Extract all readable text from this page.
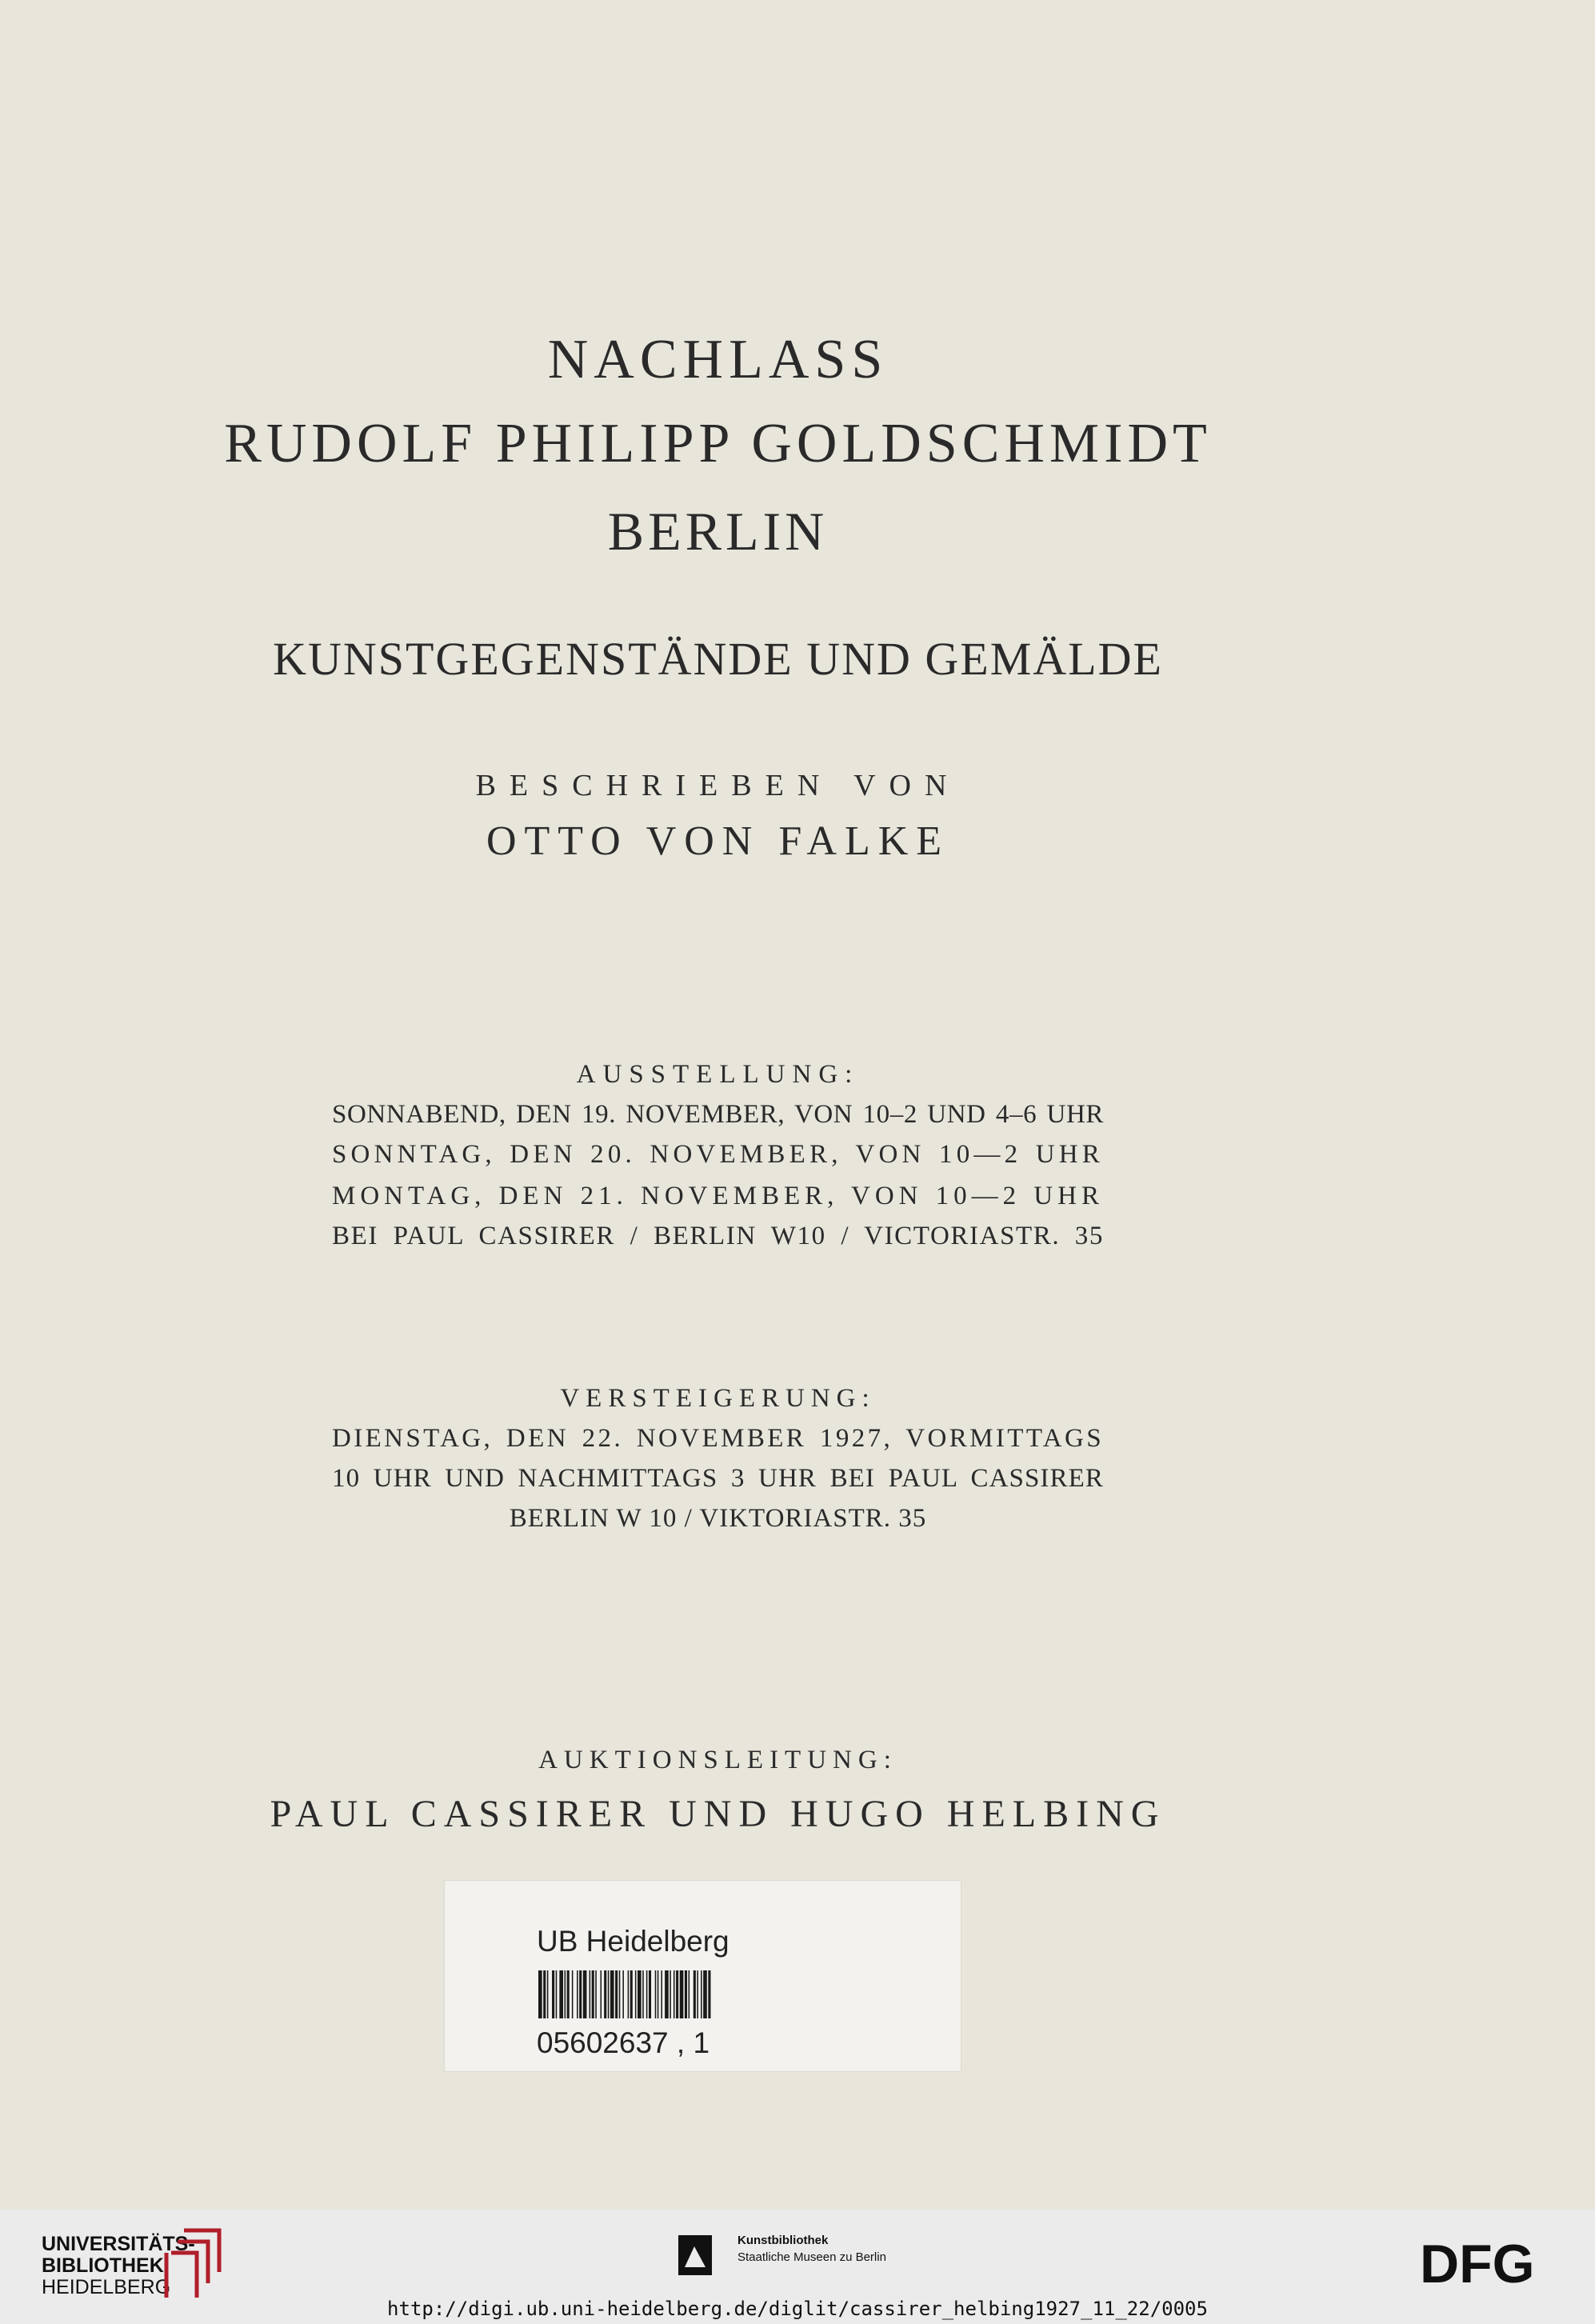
NACHLASS
RUDOLF PHILIPP GOLDSCHMIDT
BERLIN
KUNSTGEGENSTÄNDE UND GEMÄLDE
BESCHRIEBEN VON
OTTO VON FALKE
AUSSTELLUNG:
SONNABEND, DEN 19. NOVEMBER, VON 10–2 UND 4–6 UHR
SONNTAG, DEN 20. NOVEMBER, VON 10—2 UHR
MONTAG, DEN 21. NOVEMBER, VON 10—2 UHR
BEI PAUL CASSIRER / BERLIN W10 / VICTORIASTR. 35
VERSTEIGERUNG:
DIENSTAG, DEN 22. NOVEMBER 1927, VORMITTAGS
10 UHR UND NACHMITTAGS 3 UHR BEI PAUL CASSIRER
BERLIN W 10 / VIKTORIASTR. 35
AUKTIONSLEITUNG:
PAUL CASSIRER UND HUGO HELBING
UB Heidelberg
05602637 , 1
UNIVERSITÄTS-
BIBLIOTHEK
HEIDELBERG
Kunstbibliothek
Staatliche Museen zu Berlin	DFG
http://digi.ub.uni-heidelberg.de/diglit/cassirer_helbing1927_11_22/0005
